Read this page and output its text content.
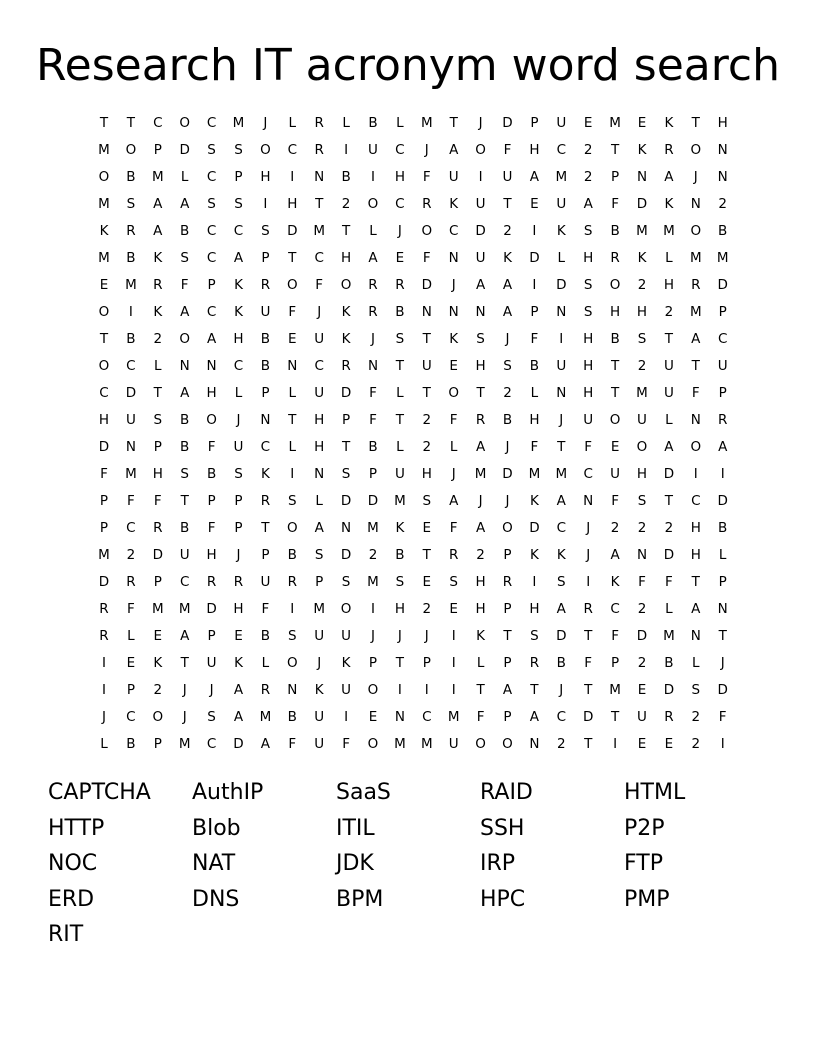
Research IT acronym word search
T T C O C M	J	L	R	L	B	L	M T	J	D P U E M E K T H
M O P D S S O C R	I	U C	J	A O	F	H C 2 T K R O N
O B M	L	C P H	I	N B	I	H	F	U	I	U A M 2 P N A	J	N
M S A A S S	I	H T 2 O C R K U T E U A	F	D K N 2
K R A B C C S D M T	L	J	O C D 2	I	K S B M M O B
M B K S C A P T C H A E	F	N U K D	L	H R K	L	M M
E M R	F	P K R O	F	O R R D	J	A A	I	D S O 2 H R D
O	I	K A C K U	F	J	K R B N N N A P N S H H 2 M P
T B 2 O A H B E U K	J	S T K S	J	F	I	H B S T A C
O C	L	N N C B N C R N T U E H S B U H T 2 U T U
C D T A H	L	P	L	U D	F	L	T O T 2	L	N H T M U	F	P
H U S B O	J	N T H P	F	T 2	F	R B H	J	U O U	L	N R
D N P B	F	U C	L	H T B	L	2	L	A	J	F	T	F	E O A O A
F	M H S B S K	I	N S P U H	J	M D M M C U H D	I	I
P	F	F	T P P R S	L	D D M S A	J	J	K A N	F	S T C D
P C R B	F	P T O A N M K E	F	A O D C	J	2 2 2 H B
M 2 D U H	J	P B S D 2 B T R 2 P K K	J	A N D H	L
D R P C R R U R P S M S E S H R	I	S	I	K	F	F	T P
R	F	M M D H	F	I	M O	I	H 2 E H P H A R C 2	L	A N
R	L	E A P E B S U U	J	J	J	I	K T S D T	F	D M N T
I	E K T U K	L	O	J	K P T P	I	L	P R B	F	P 2 B	L	J
I	P 2	J	J	A R N K U O	I	I	I	T A T	J	T M E D S D
J	C O	J	S A M B U	I	E N C M	F	P A C D T U R 2	F
L	B P M C D A	F	U	F	O M M U O O N 2 T	I	E E 2	I
CAPTCHA AuthIP	SaaS	RAID	HTML
HTTP	Blob	ITIL	SSH	P2P
NOC	NAT	JDK	IRP	FTP
ERD	DNS	BPM	HPC	PMP
RIT
